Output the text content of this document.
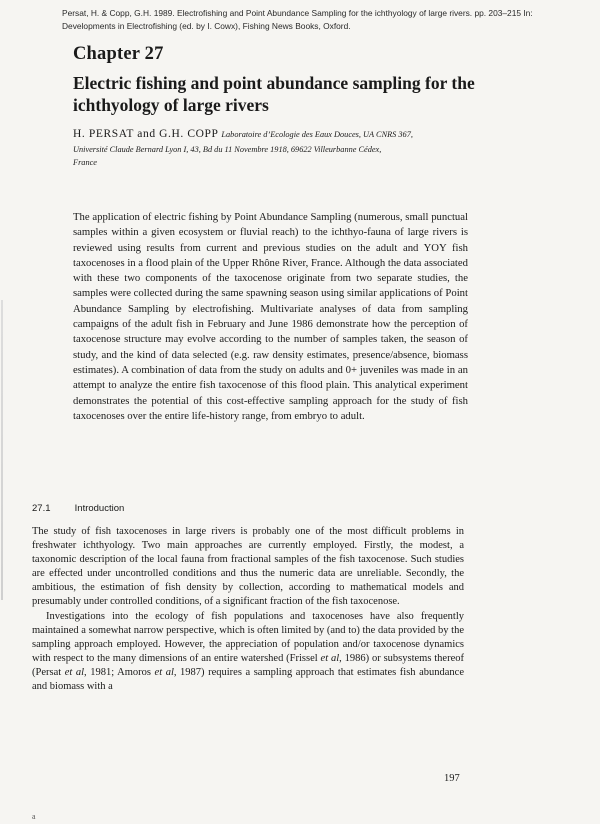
Persat, H. & Copp, G.H. 1989. Electrofishing and Point Abundance Sampling for the ichthyology of large rivers. pp. 203–215 In:
Developments in Electrofishing (ed. by I. Cowx), Fishing News Books, Oxford.
Chapter 27
Electric fishing and point abundance sampling for the ichthyology of large rivers
H. PERSAT and G.H. COPP Laboratoire d’Ecologie des Eaux Douces, UA CNRS 367,
Université Claude Bernard Lyon I, 43, Bd du 11 Novembre 1918, 69622 Villeurbanne Cédex,
France

The application of electric fishing by Point Abundance Sampling (numerous, small punctual samples within a given ecosystem or fluvial reach) to the ichthyo-fauna of large rivers is reviewed using results from current and previous studies on the adult and YOY fish taxocenoses in a flood plain of the Upper Rhône River, France. Although the data associated with these two components of the taxocenose originate from two separate studies, the samples were collected during the same spawning season using similar applications of Point Abundance Sampling by electrofishing. Multivariate analyses of data from sampling campaigns of the adult fish in February and June 1986 demonstrate how the perception of taxocenose structure may evolve according to the number of samples taken, the season of study, and the kind of data selected (e.g. raw density estimates, presence/absence, biomass estimates). A combination of data from the study on adults and 0+ juveniles was made in an attempt to analyze the entire fish taxocenose of this flood plain. This analytical experiment demonstrates the potential of this cost-effective sampling approach for the study of fish taxocenoses over the entire life-history range, from embryo to adult.

27.1	Introduction

The study of fish taxocenoses in large rivers is probably one of the most difficult problems in freshwater ichthyology. Two main approaches are currently employed. Firstly, the modest, a taxonomic description of the local fauna from fractional samples of the fish taxocenose. Such studies are effected under uncontrolled conditions and thus the numeric data are unreliable. Secondly, the ambitious, the estimation of fish density by collection, according to mathematical models and presumably under controlled conditions, of a significant fraction of the fish taxocenose.

Investigations into the ecology of fish populations and taxocenoses have also frequently maintained a somewhat narrow perspective, which is often limited by (and to) the data provided by the sampling approach employed. However, the appreciation of population and/or taxocenose dynamics with respect to the many dimensions of an entire watershed (Frissel et al, 1986) or subsystems thereof (Persat et al, 1981; Amoros et al, 1987) requires a sampling approach that estimates fish abundance and biomass with a

197
a
